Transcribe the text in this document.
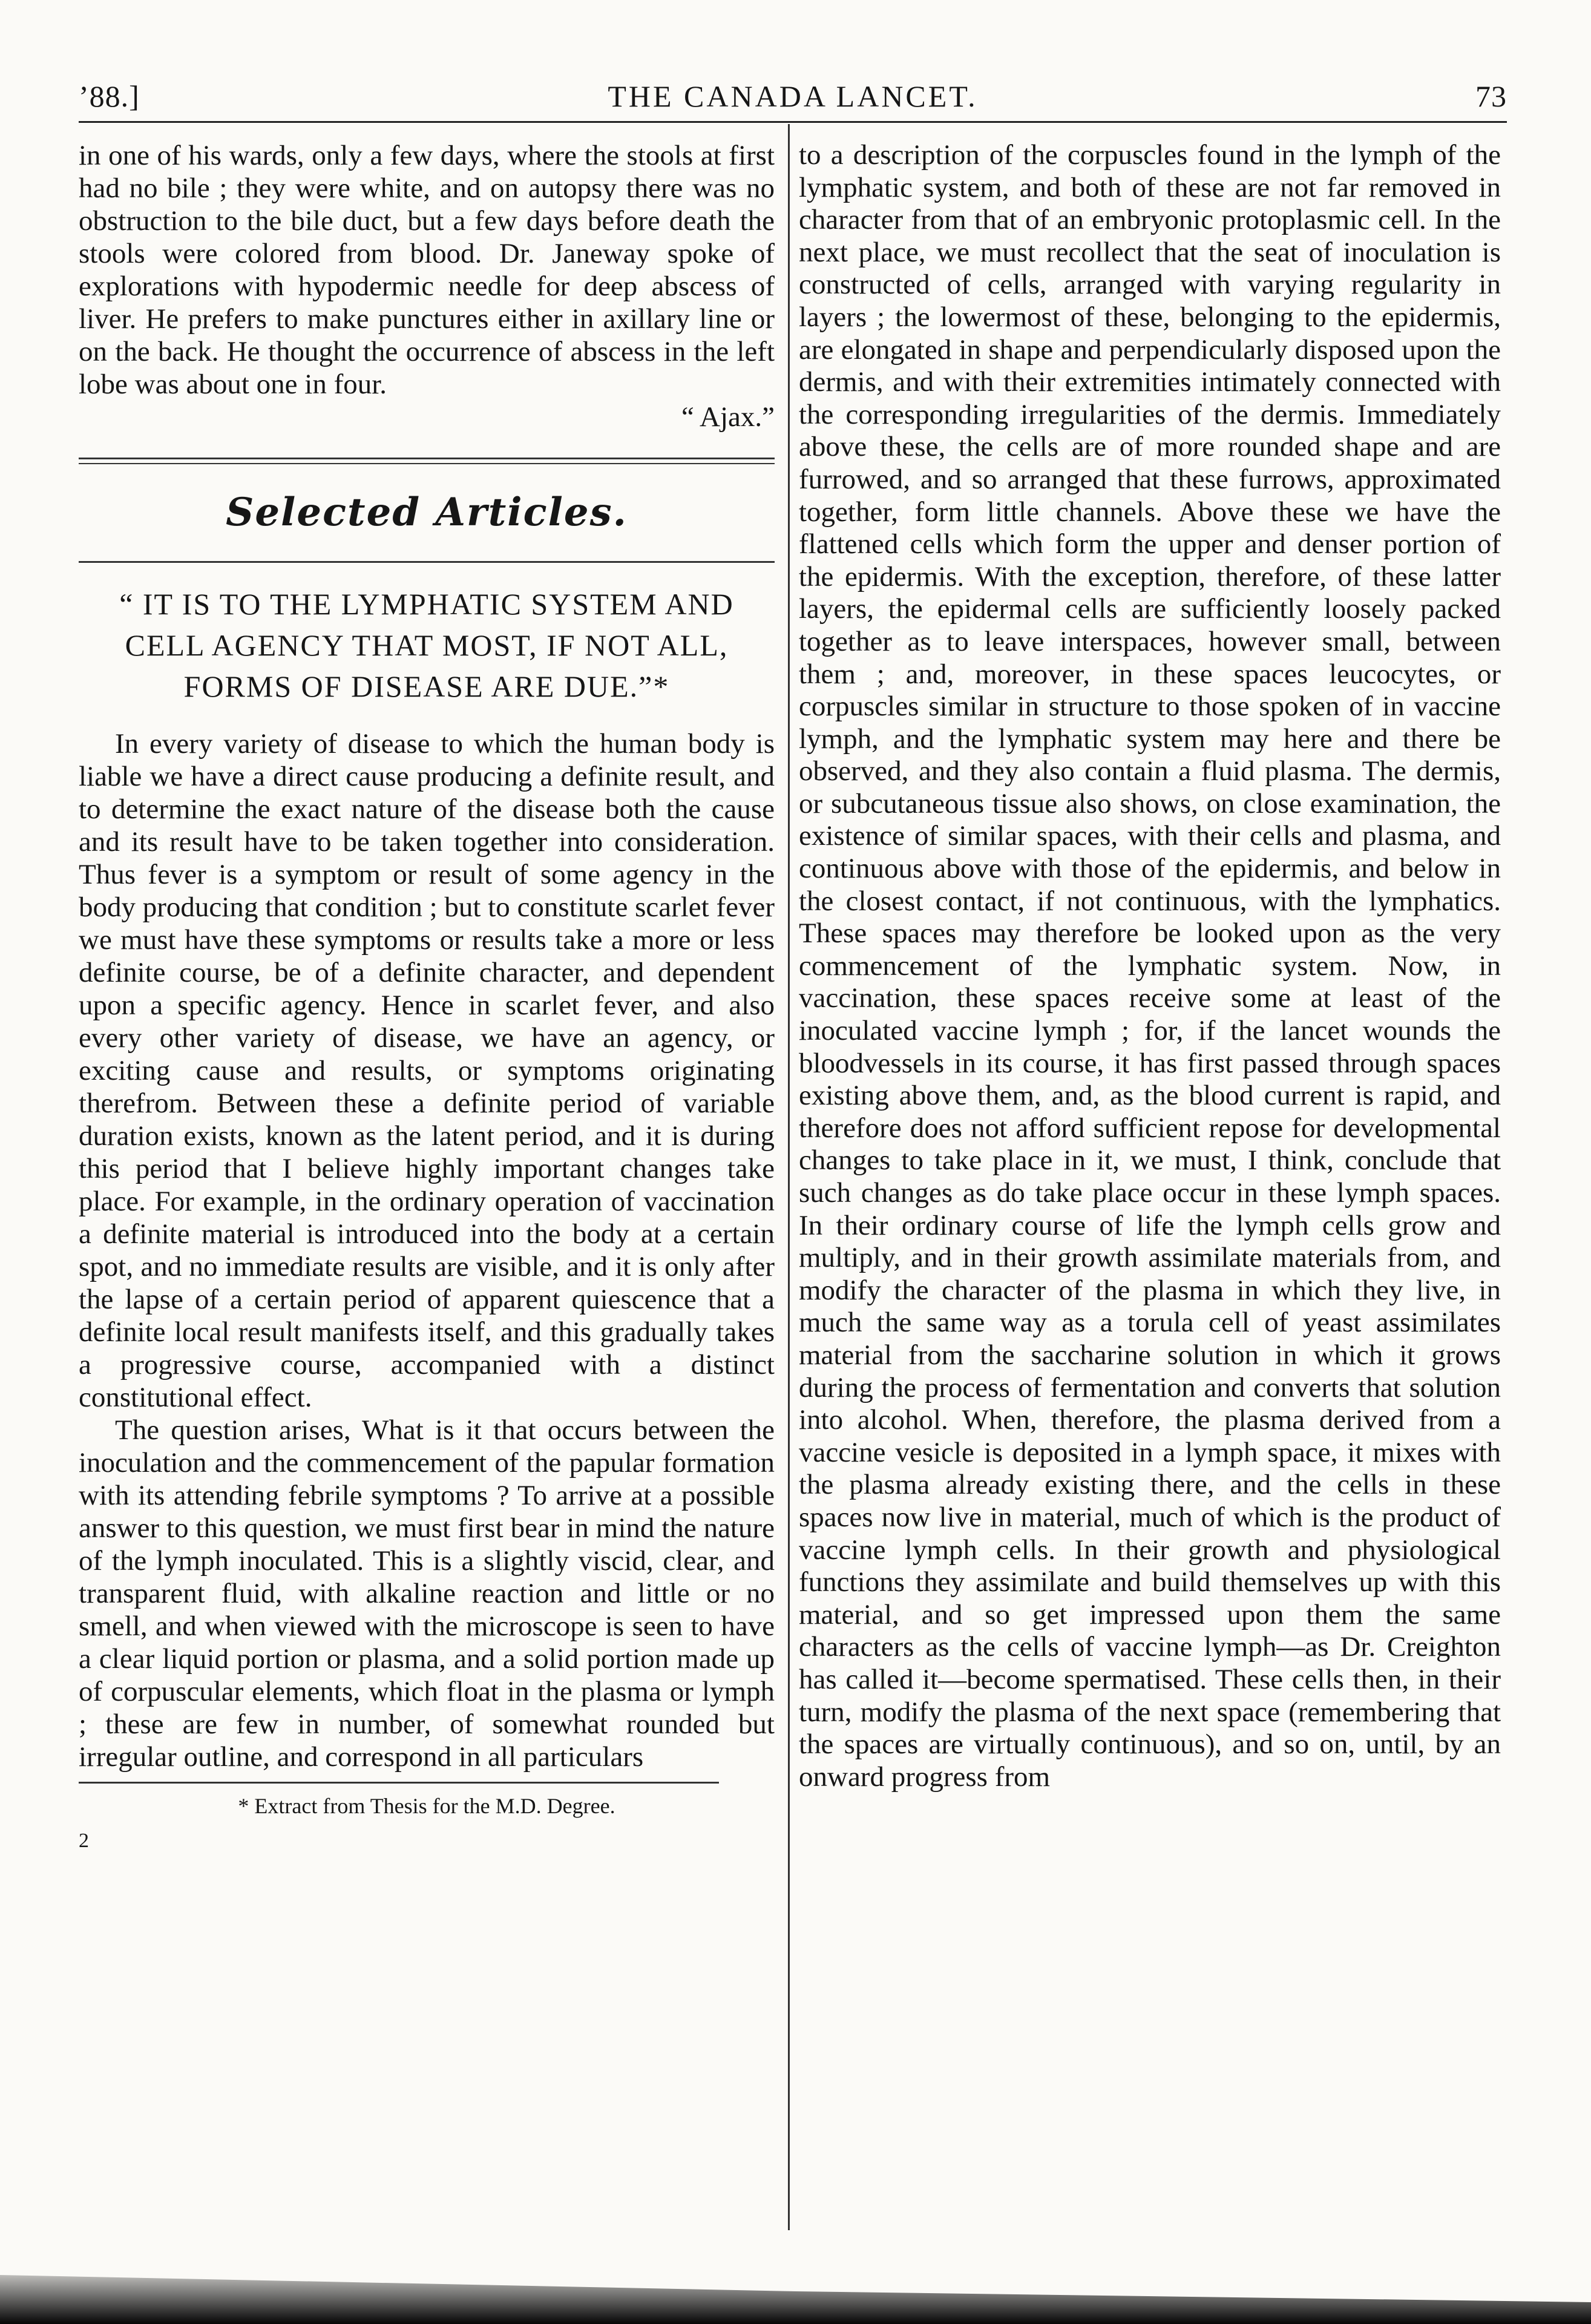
’88.]	THE CANADA LANCET.	73

in one of his wards, only a few days, where the stools at first had no bile ; they were white, and on autopsy there was no obstruction to the bile duct, but a few days before death the stools were colored from blood. Dr. Janeway spoke of explorations with hypodermic needle for deep abscess of liver. He prefers to make punctures either in axillary line or on the back. He thought the occurrence of abscess in the left lobe was about one in four.

“ Ajax.”

Selected Articles.
“ IT IS TO THE LYMPHATIC SYSTEM AND CELL AGENCY THAT MOST, IF NOT ALL, FORMS OF DISEASE ARE DUE.”*

In every variety of disease to which the human body is liable we have a direct cause producing a definite result, and to determine the exact nature of the disease both the cause and its result have to be taken together into consideration. Thus fever is a symptom or result of some agency in the body producing that condition ; but to constitute scarlet fever we must have these symptoms or results take a more or less definite course, be of a definite character, and dependent upon a specific agency. Hence in scarlet fever, and also every other variety of disease, we have an agency, or exciting cause and results, or symptoms originating therefrom. Between these a definite period of variable duration exists, known as the latent period, and it is during this period that I believe highly important changes take place. For example, in the ordinary operation of vaccination a definite material is introduced into the body at a certain spot, and no immediate results are visible, and it is only after the lapse of a certain period of apparent quiescence that a definite local result manifests itself, and this gradually takes a progressive course, accompanied with a distinct constitutional effect.

The question arises, What is it that occurs between the inoculation and the commencement of the papular formation with its attending febrile symptoms ? To arrive at a possible answer to this question, we must first bear in mind the nature of the lymph inoculated. This is a slightly viscid, clear, and transparent fluid, with alkaline reaction and little or no smell, and when viewed with the microscope is seen to have a clear liquid portion or plasma, and a solid portion made up of corpuscular elements, which float in the plasma or lymph ; these are few in number, of somewhat rounded but irregular outline, and correspond in all particulars

* Extract from Thesis for the M.D. Degree.

2

to a description of the corpuscles found in the lymph of the lymphatic system, and both of these are not far removed in character from that of an embryonic protoplasmic cell. In the next place, we must recollect that the seat of inoculation is constructed of cells, arranged with varying regularity in layers ; the lowermost of these, belonging to the epidermis, are elongated in shape and perpendicularly disposed upon the dermis, and with their extremities intimately connected with the corresponding irregularities of the dermis. Immediately above these, the cells are of more rounded shape and are furrowed, and so arranged that these furrows, approximated together, form little channels. Above these we have the flattened cells which form the upper and denser portion of the epidermis. With the exception, therefore, of these latter layers, the epidermal cells are sufficiently loosely packed together as to leave interspaces, however small, between them ; and, moreover, in these spaces leucocytes, or corpuscles similar in structure to those spoken of in vaccine lymph, and the lymphatic system may here and there be observed, and they also contain a fluid plasma. The dermis, or subcutaneous tissue also shows, on close examination, the existence of similar spaces, with their cells and plasma, and continuous above with those of the epidermis, and below in the closest contact, if not continuous, with the lymphatics. These spaces may therefore be looked upon as the very commencement of the lymphatic system. Now, in vaccination, these spaces receive some at least of the inoculated vaccine lymph ; for, if the lancet wounds the bloodvessels in its course, it has first passed through spaces existing above them, and, as the blood current is rapid, and therefore does not afford sufficient repose for developmental changes to take place in it, we must, I think, conclude that such changes as do take place occur in these lymph spaces. In their ordinary course of life the lymph cells grow and multiply, and in their growth assimilate materials from, and modify the character of the plasma in which they live, in much the same way as a torula cell of yeast assimilates material from the saccharine solution in which it grows during the process of fermentation and converts that solution into alcohol. When, therefore, the plasma derived from a vaccine vesicle is deposited in a lymph space, it mixes with the plasma already existing there, and the cells in these spaces now live in material, much of which is the product of vaccine lymph cells. In their growth and physiological functions they assimilate and build themselves up with this material, and so get impressed upon them the same characters as the cells of vaccine lymph—as Dr. Creighton has called it—become spermatised. These cells then, in their turn, modify the plasma of the next space (remembering that the spaces are virtually continuous), and so on, until, by an onward progress from
